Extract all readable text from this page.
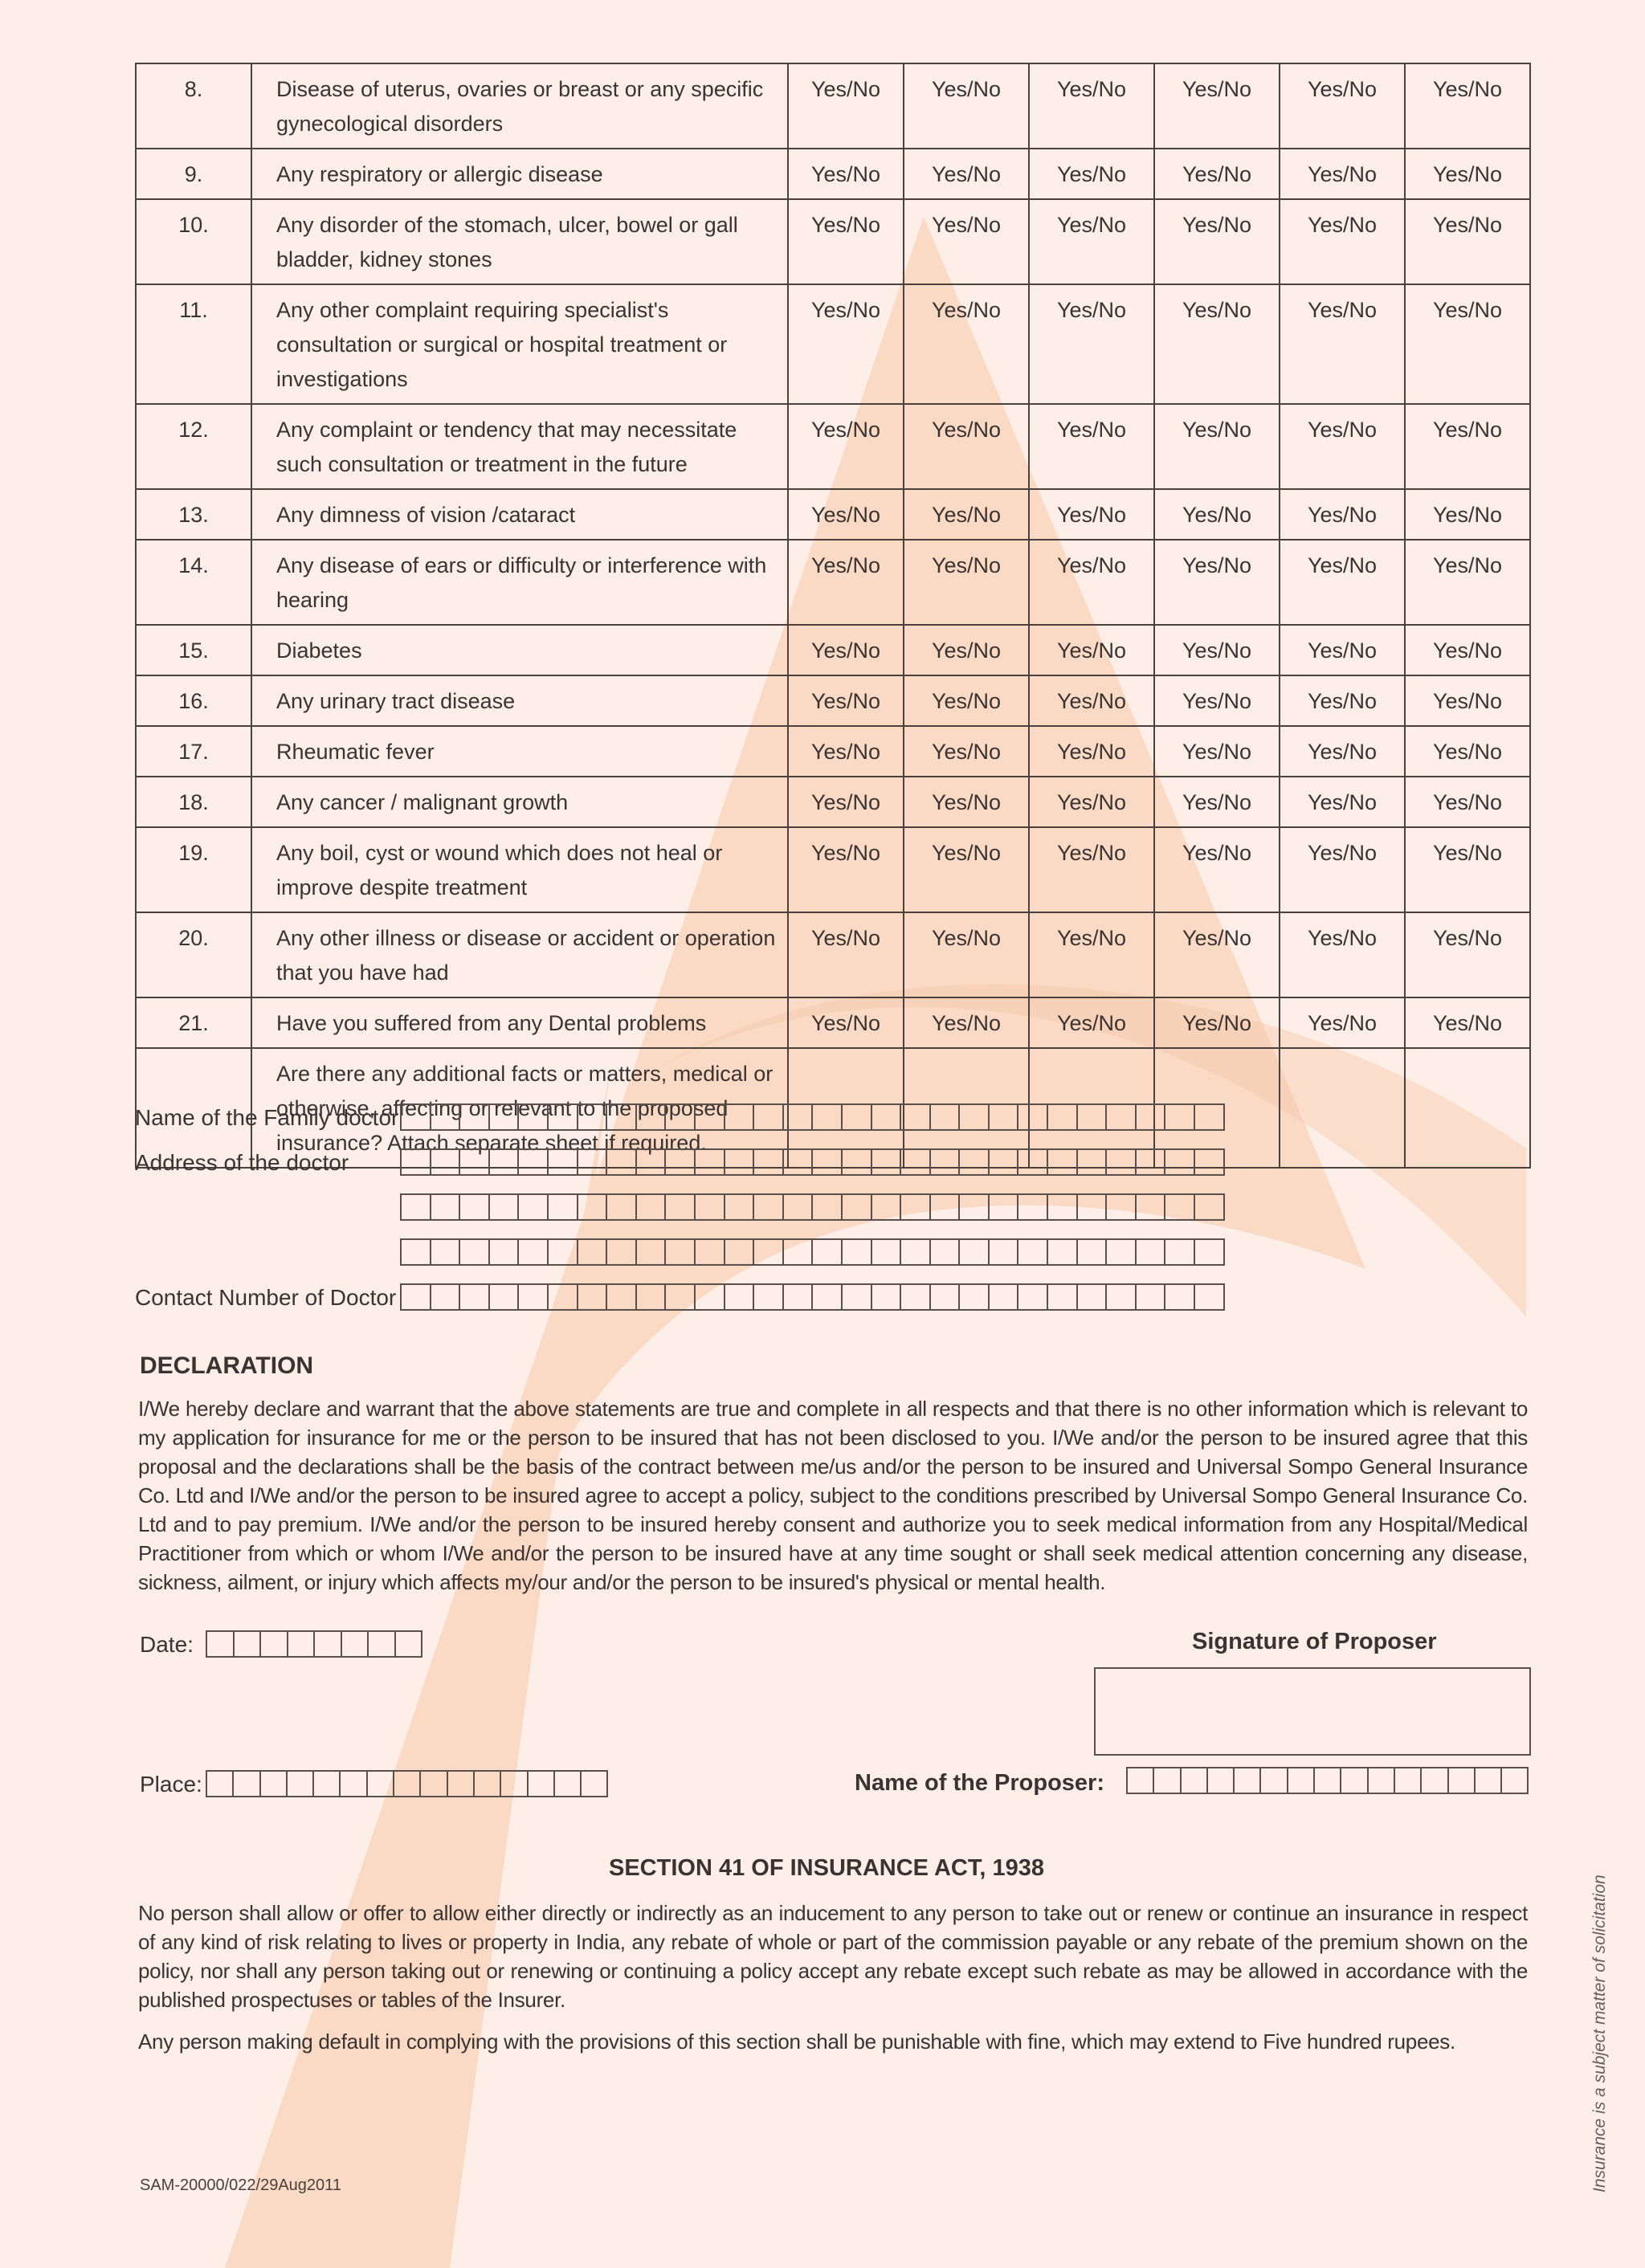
8.	Disease of uterus, ovaries or breast or any specific gynecological disorders	Yes/No	Yes/No	Yes/No	Yes/No	Yes/No	Yes/No
9.	Any respiratory or allergic disease	Yes/No	Yes/No	Yes/No	Yes/No	Yes/No	Yes/No
10.	Any disorder of the stomach, ulcer, bowel or gall bladder, kidney stones	Yes/No	Yes/No	Yes/No	Yes/No	Yes/No	Yes/No
11.	Any other complaint requiring specialist's consultation or surgical or hospital treatment or investigations	Yes/No	Yes/No	Yes/No	Yes/No	Yes/No	Yes/No
12.	Any complaint or tendency that may necessitate such consultation or treatment in the future	Yes/No	Yes/No	Yes/No	Yes/No	Yes/No	Yes/No
13.	Any dimness of vision /cataract	Yes/No	Yes/No	Yes/No	Yes/No	Yes/No	Yes/No
14.	Any disease of ears or difficulty or interference with hearing	Yes/No	Yes/No	Yes/No	Yes/No	Yes/No	Yes/No
15.	Diabetes	Yes/No	Yes/No	Yes/No	Yes/No	Yes/No	Yes/No
16.	Any urinary tract disease	Yes/No	Yes/No	Yes/No	Yes/No	Yes/No	Yes/No
17.	Rheumatic fever	Yes/No	Yes/No	Yes/No	Yes/No	Yes/No	Yes/No
18.	Any cancer / malignant growth	Yes/No	Yes/No	Yes/No	Yes/No	Yes/No	Yes/No
19.	Any boil, cyst or wound which does not heal or improve despite treatment	Yes/No	Yes/No	Yes/No	Yes/No	Yes/No	Yes/No
20.	Any other illness or disease or accident or operation that you have had	Yes/No	Yes/No	Yes/No	Yes/No	Yes/No	Yes/No
21.	Have you suffered from any Dental problems	Yes/No	Yes/No	Yes/No	Yes/No	Yes/No	Yes/No
	Are there any additional facts or matters, medical or otherwise, affecting or relevant to the proposed insurance? Attach separate sheet if required.						
Name of the Family doctor
Address of the doctor
Contact Number of Doctor
DECLARATION

I/We hereby declare and warrant that the above statements are true and complete in all respects and that there is no other information which is relevant to my application for insurance for me or the person to be insured that has not been disclosed to you. I/We and/or the person to be insured agree that this proposal and the declarations shall be the basis of the contract between me/us and/or the person to be insured and Universal Sompo General Insurance Co. Ltd and I/We and/or the person to be insured agree to accept a policy, subject to the conditions prescribed by Universal Sompo General Insurance Co. Ltd and to pay premium. I/We and/or the person to be insured hereby consent and authorize you to seek medical information from any Hospital/Medical Practitioner from which or whom I/We and/or the person to be insured have at any time sought or shall seek medical attention concerning any disease, sickness, ailment, or injury which affects my/our and/or the person to be insured's physical or mental health.

Date:	Signature of Proposer
Place:	Name of the Proposer:
SECTION 41 OF INSURANCE ACT, 1938

No person shall allow or offer to allow either directly or indirectly as an inducement to any person to take out or renew or continue an insurance in respect of any kind of risk relating to lives or property in India, any rebate of whole or part of the commission payable or any rebate of the premium shown on the policy, nor shall any person taking out or renewing or continuing a policy accept any rebate except such rebate as may be allowed in accordance with the published prospectuses or tables of the Insurer.

Any person making default in complying with the provisions of this section shall be punishable with fine, which may extend to Five hundred rupees.

SAM-20000/022/29Aug2011	Insurance is a subject matter of solicitation
